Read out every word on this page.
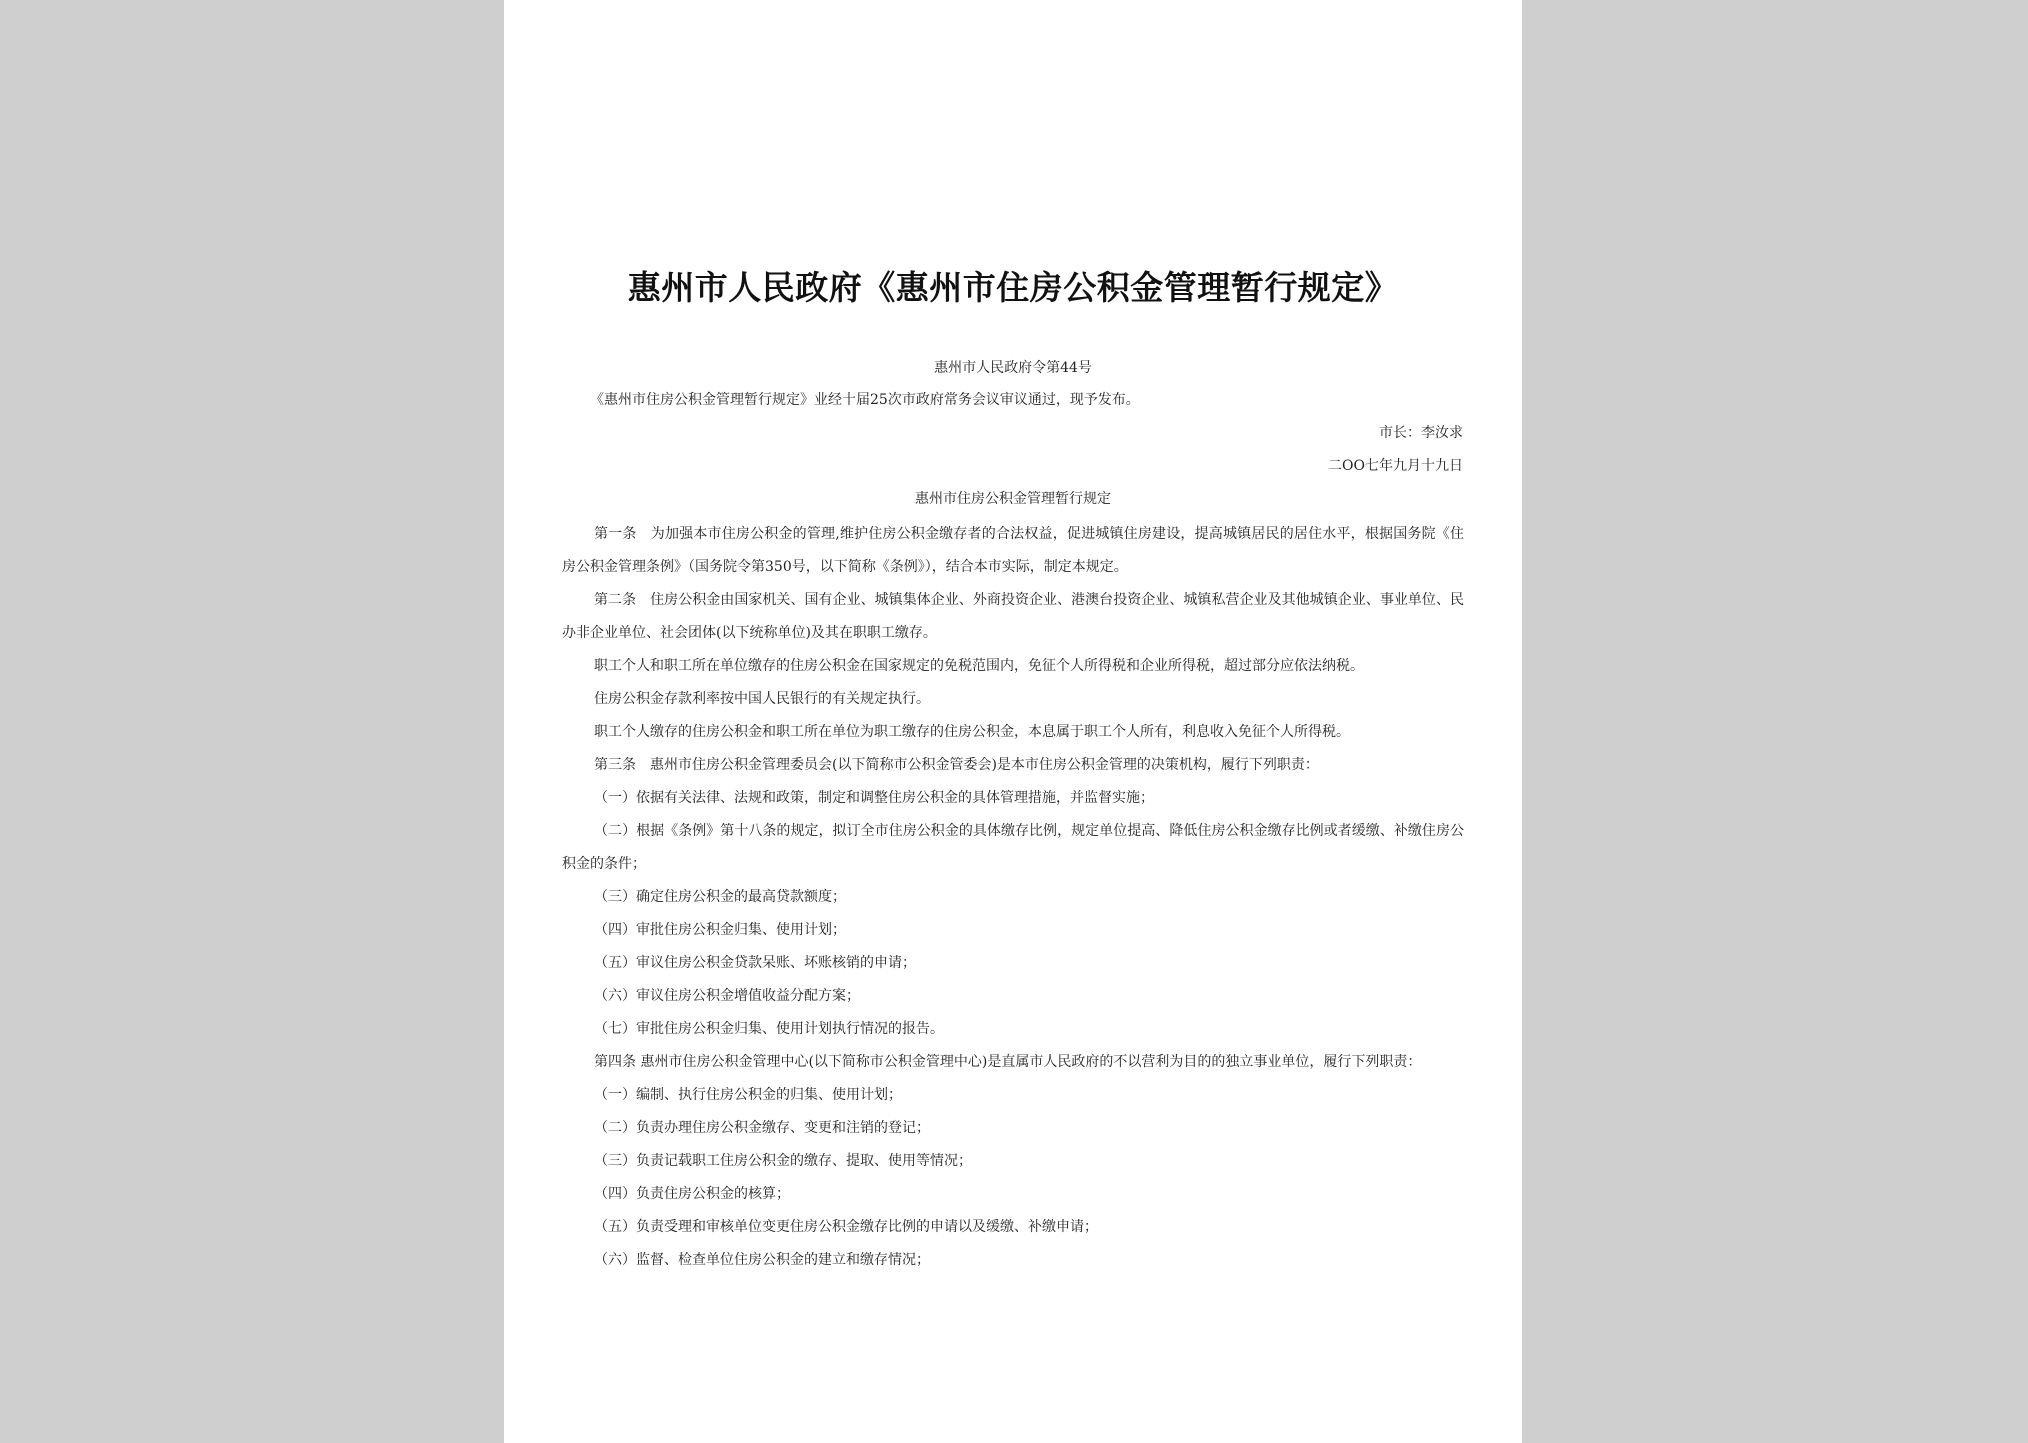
惠州市人民政府《惠州市住房公积金管理暂行规定》
惠州市人民政府令第44号
《惠州市住房公积金管理暂行规定》业经十届25次市政府常务会议审议通过，现予发布。
市长：李汝求
二OO七年九月十九日
惠州市住房公积金管理暂行规定

第一条　为加强本市住房公积金的管理,维护住房公积金缴存者的合法权益，促进城镇住房建设，提高城镇居民的居住水平，根据国务院《住房公积金管理条例》（国务院令第350号，以下简称《条例》），结合本市实际，制定本规定。

第二条　住房公积金由国家机关、国有企业、城镇集体企业、外商投资企业、港澳台投资企业、城镇私营企业及其他城镇企业、事业单位、民办非企业单位、社会团体(以下统称单位)及其在职职工缴存。

职工个人和职工所在单位缴存的住房公积金在国家规定的免税范围内，免征个人所得税和企业所得税，超过部分应依法纳税。

住房公积金存款利率按中国人民银行的有关规定执行。

职工个人缴存的住房公积金和职工所在单位为职工缴存的住房公积金，本息属于职工个人所有，利息收入免征个人所得税。

第三条　惠州市住房公积金管理委员会(以下简称市公积金管委会)是本市住房公积金管理的决策机构，履行下列职责：

（一）依据有关法律、法规和政策，制定和调整住房公积金的具体管理措施，并监督实施；

（二）根据《条例》第十八条的规定，拟订全市住房公积金的具体缴存比例，规定单位提高、降低住房公积金缴存比例或者缓缴、补缴住房公积金的条件；

（三）确定住房公积金的最高贷款额度；

（四）审批住房公积金归集、使用计划；

（五）审议住房公积金贷款呆账、坏账核销的申请；

（六）审议住房公积金增值收益分配方案；

（七）审批住房公积金归集、使用计划执行情况的报告。

第四条 惠州市住房公积金管理中心(以下简称市公积金管理中心)是直属市人民政府的不以营利为目的的独立事业单位，履行下列职责：

（一）编制、执行住房公积金的归集、使用计划；

（二）负责办理住房公积金缴存、变更和注销的登记；

（三）负责记载职工住房公积金的缴存、提取、使用等情况；

（四）负责住房公积金的核算；

（五）负责受理和审核单位变更住房公积金缴存比例的申请以及缓缴、补缴申请；

（六）监督、检查单位住房公积金的建立和缴存情况；
